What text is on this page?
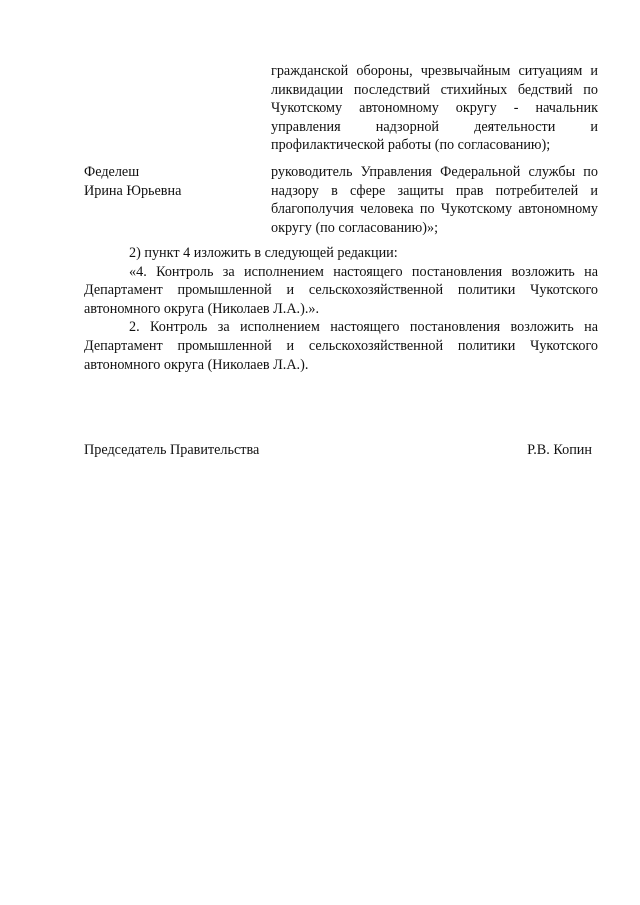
гражданской обороны, чрезвычайным ситуациям и ликвидации последствий стихийных бедствий по Чукотскому автономному округу - начальник управления надзорной деятельности и профилактической работы (по согласованию);
Феделеш
Ирина Юрьевна
руководитель Управления Федеральной службы по надзору в сфере защиты прав потребителей и благополучия человека по Чукотскому автономному округу (по согласованию)»;

2) пункт 4 изложить в следующей редакции:

«4. Контроль за исполнением настоящего постановления возложить на Департамент промышленной и сельскохозяйственной политики Чукотского автономного округа (Николаев Л.А.).».

2. Контроль за исполнением настоящего постановления возложить на Департамент промышленной и сельскохозяйственной политики Чукотского автономного округа (Николаев Л.А.).

Председатель Правительства	Р.В. Копин
